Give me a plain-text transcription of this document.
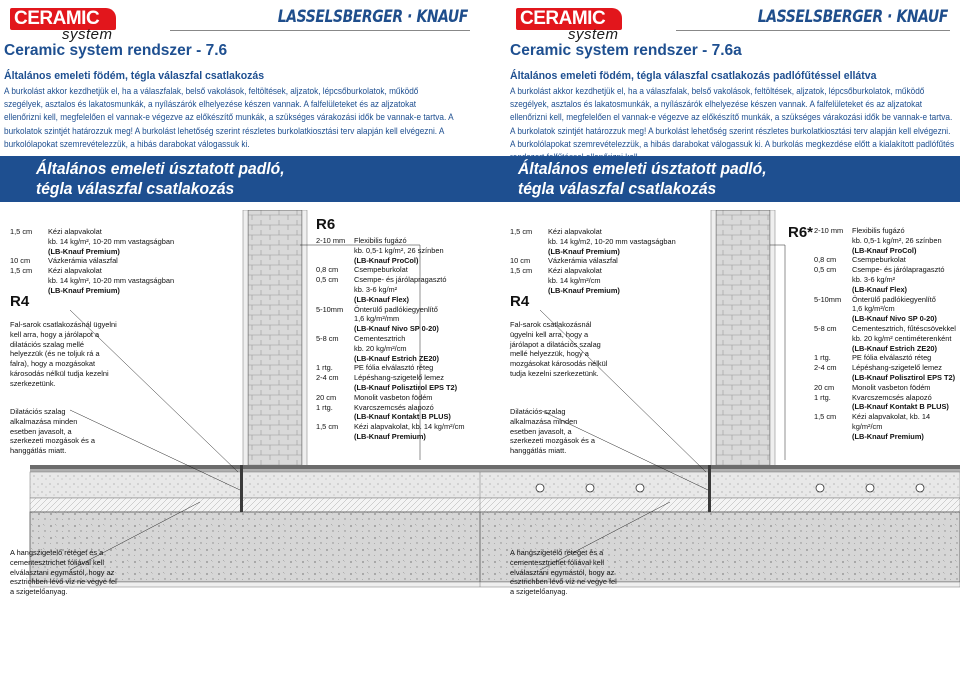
CERAMIC
system
LASSELSBERGER · KNAUF
Ceramic system rendszer - 7.6
Általános emeleti födém, tégla válaszfal csatlakozás
A burkolást akkor kezdhetjük el, ha a válaszfalak, belső vakolások, feltöltések, aljzatok, lépcsőburkolatok, működő szegélyek, asztalos és lakatosmunkák, a nyílászárók elhelyezése készen vannak. A falfelületeket és az aljzatokat ellenőrizni kell, megfelelően el vannak-e végezve az előkészítő munkák, a szükséges várakozási idők be vannak-e tartva. A burkolatok szintjét határozzuk meg! A burkolást lehetőség szerint részletes burkolatkiosztási terv alapján kell elvégezni. A burkolólapokat szemrevételezzük, a hibás darabokat válogassuk ki.
Általános emeleti úsztatott padló,
tégla válaszfal csatlakozás
1,5 cm	Kézi alapvakolat
kb. 14 kg/m², 10-20 mm vastagságban
(LB-Knauf Premium)
10 cm	Vázkerámia válaszfal
1,5 cm	Kézi alapvakolat
kb. 14 kg/m², 10-20 mm vastagságban
(LB-Knauf Premium)
R4
Fal-sarok csatlakozásnál ügyelni kell arra, hogy a járólapot a dilatációs szalag mellé helyezzük (és ne toljuk rá a falra), hogy a mozgásokat károsodás nélkül tudja kezelni szerkezetünk.
Dilatációs szalag alkalmazása minden esetben javasolt, a szerkezeti mozgások és a hanggátlás miatt.
A hangszigetelő réteget és a cementesztrichet fóliával kell elválasztani egymástól, hogy az esztrichben lévő víz ne vegye fel a szigetelőanyag.
R6
2-10 mm	Flexibilis fugázó
kb. 0,5-1 kg/m², 26 színben
(LB-Knauf ProCol)
0,8 cm	Csempeburkolat
0,5 cm	Csempe- és járólapragasztó
kb. 3-6 kg/m²
(LB-Knauf Flex)
5-10mm	Önterülő padlókiegyenlítő
1,6 kg/m²/mm
(LB-Knauf Nivo SP 0-20)
5-8 cm	Cementesztrich
kb. 20 kg/m²/cm
(LB-Knauf Estrich ZE20)
1 rtg.	PE fólia elválasztó réteg
2-4 cm	Lépéshang-szigetelő lemez
(LB-Knauf Polisztirol EPS T2)
20 cm	Monolit vasbeton födém
1 rtg.	Kvarcszemcsés alapozó
(LB-Knauf Kontakt B PLUS)
1,5 cm	Kézi alapvakolat, kb. 14 kg/m²/cm
(LB-Knauf Premium)
CERAMIC
system
LASSELSBERGER · KNAUF
Ceramic system rendszer - 7.6a
Általános emeleti födém, tégla válaszfal csatlakozás padlófűtéssel ellátva
A burkolást akkor kezdhetjük el, ha a válaszfalak, belső vakolások, feltöltések, aljzatok, lépcsőburkolatok, működő szegélyek, asztalos és lakatosmunkák, a nyílászárók elhelyezése készen vannak. A falfelületeket és az aljzatokat ellenőrizni kell, megfelelően el vannak-e végezve az előkészítő munkák, a szükséges várakozási idők be vannak-e tartva. A burkolatok szintjét határozzuk meg! A burkolást lehetőség szerint részletes burkolatkiosztási terv alapján kell elvégezni. A burkolólapokat szemrevételezzük, a hibás darabokat válogassuk ki. A burkolás megkezdése előtt a kialakított padlófűtés
Általános emeleti úsztatott padló,
tégla válaszfal csatlakozás
1,5 cm	Kézi alapvakolat
kb. 14 kg/m2, 10-20 mm vastagságban
(LB-Knauf Premium)
10 cm	Vázkerámia válaszfal
1,5 cm	Kézi alapvakolat
kb. 14 kg/m²/cm
(LB-Knauf Premium)
R4
Fal-sarok csatlakozásnál ügyelni kell arra, hogy a járólapot a dilatációs szalag mellé helyezzük, hogy a mozgásokat károsodás nélkül tudja kezelni szerkezetünk.
Dilatációs szalag alkalmazása minden esetben javasolt, a szerkezeti mozgások és a hanggátlás miatt.
A hangszigetelő réteget és a cementesztrichet fóliával kell elválasztani egymástól, hogy az esztrichben lévő víz ne vegye fel a szigetelőanyag.
R6* 2-10 mm	Flexibilis fugázó
kb. 0,5-1 kg/m², 26 színben
(LB-Knauf ProCol)
0,8 cm	Csempeburkolat
0,5 cm	Csempe- és járólapragasztó
kb. 3-6 kg/m²
(LB-Knauf Flex)
5-10mm	Önterülő padlókiegyenlítő
1,6 kg/m²/cm
(LB-Knauf Nivo SP 0-20)
5-8 cm	Cementesztrich, fűtéscsövekkel
kb. 20 kg/m² centiméterenként
(LB-Knauf Estrich ZE20)
1 rtg.	PE fólia elválasztó réteg
2-4 cm	Lépéshang-szigetelő lemez
(LB-Knauf Polisztirol EPS T2)
20 cm	Monolit vasbeton födém
1 rtg.	Kvarcszemcsés alapozó
(LB-Knauf Kontakt B PLUS)
1,5 cm	Kézi alapvakolat, kb. 14 kg/m²/cm
(LB-Knauf Premium)
